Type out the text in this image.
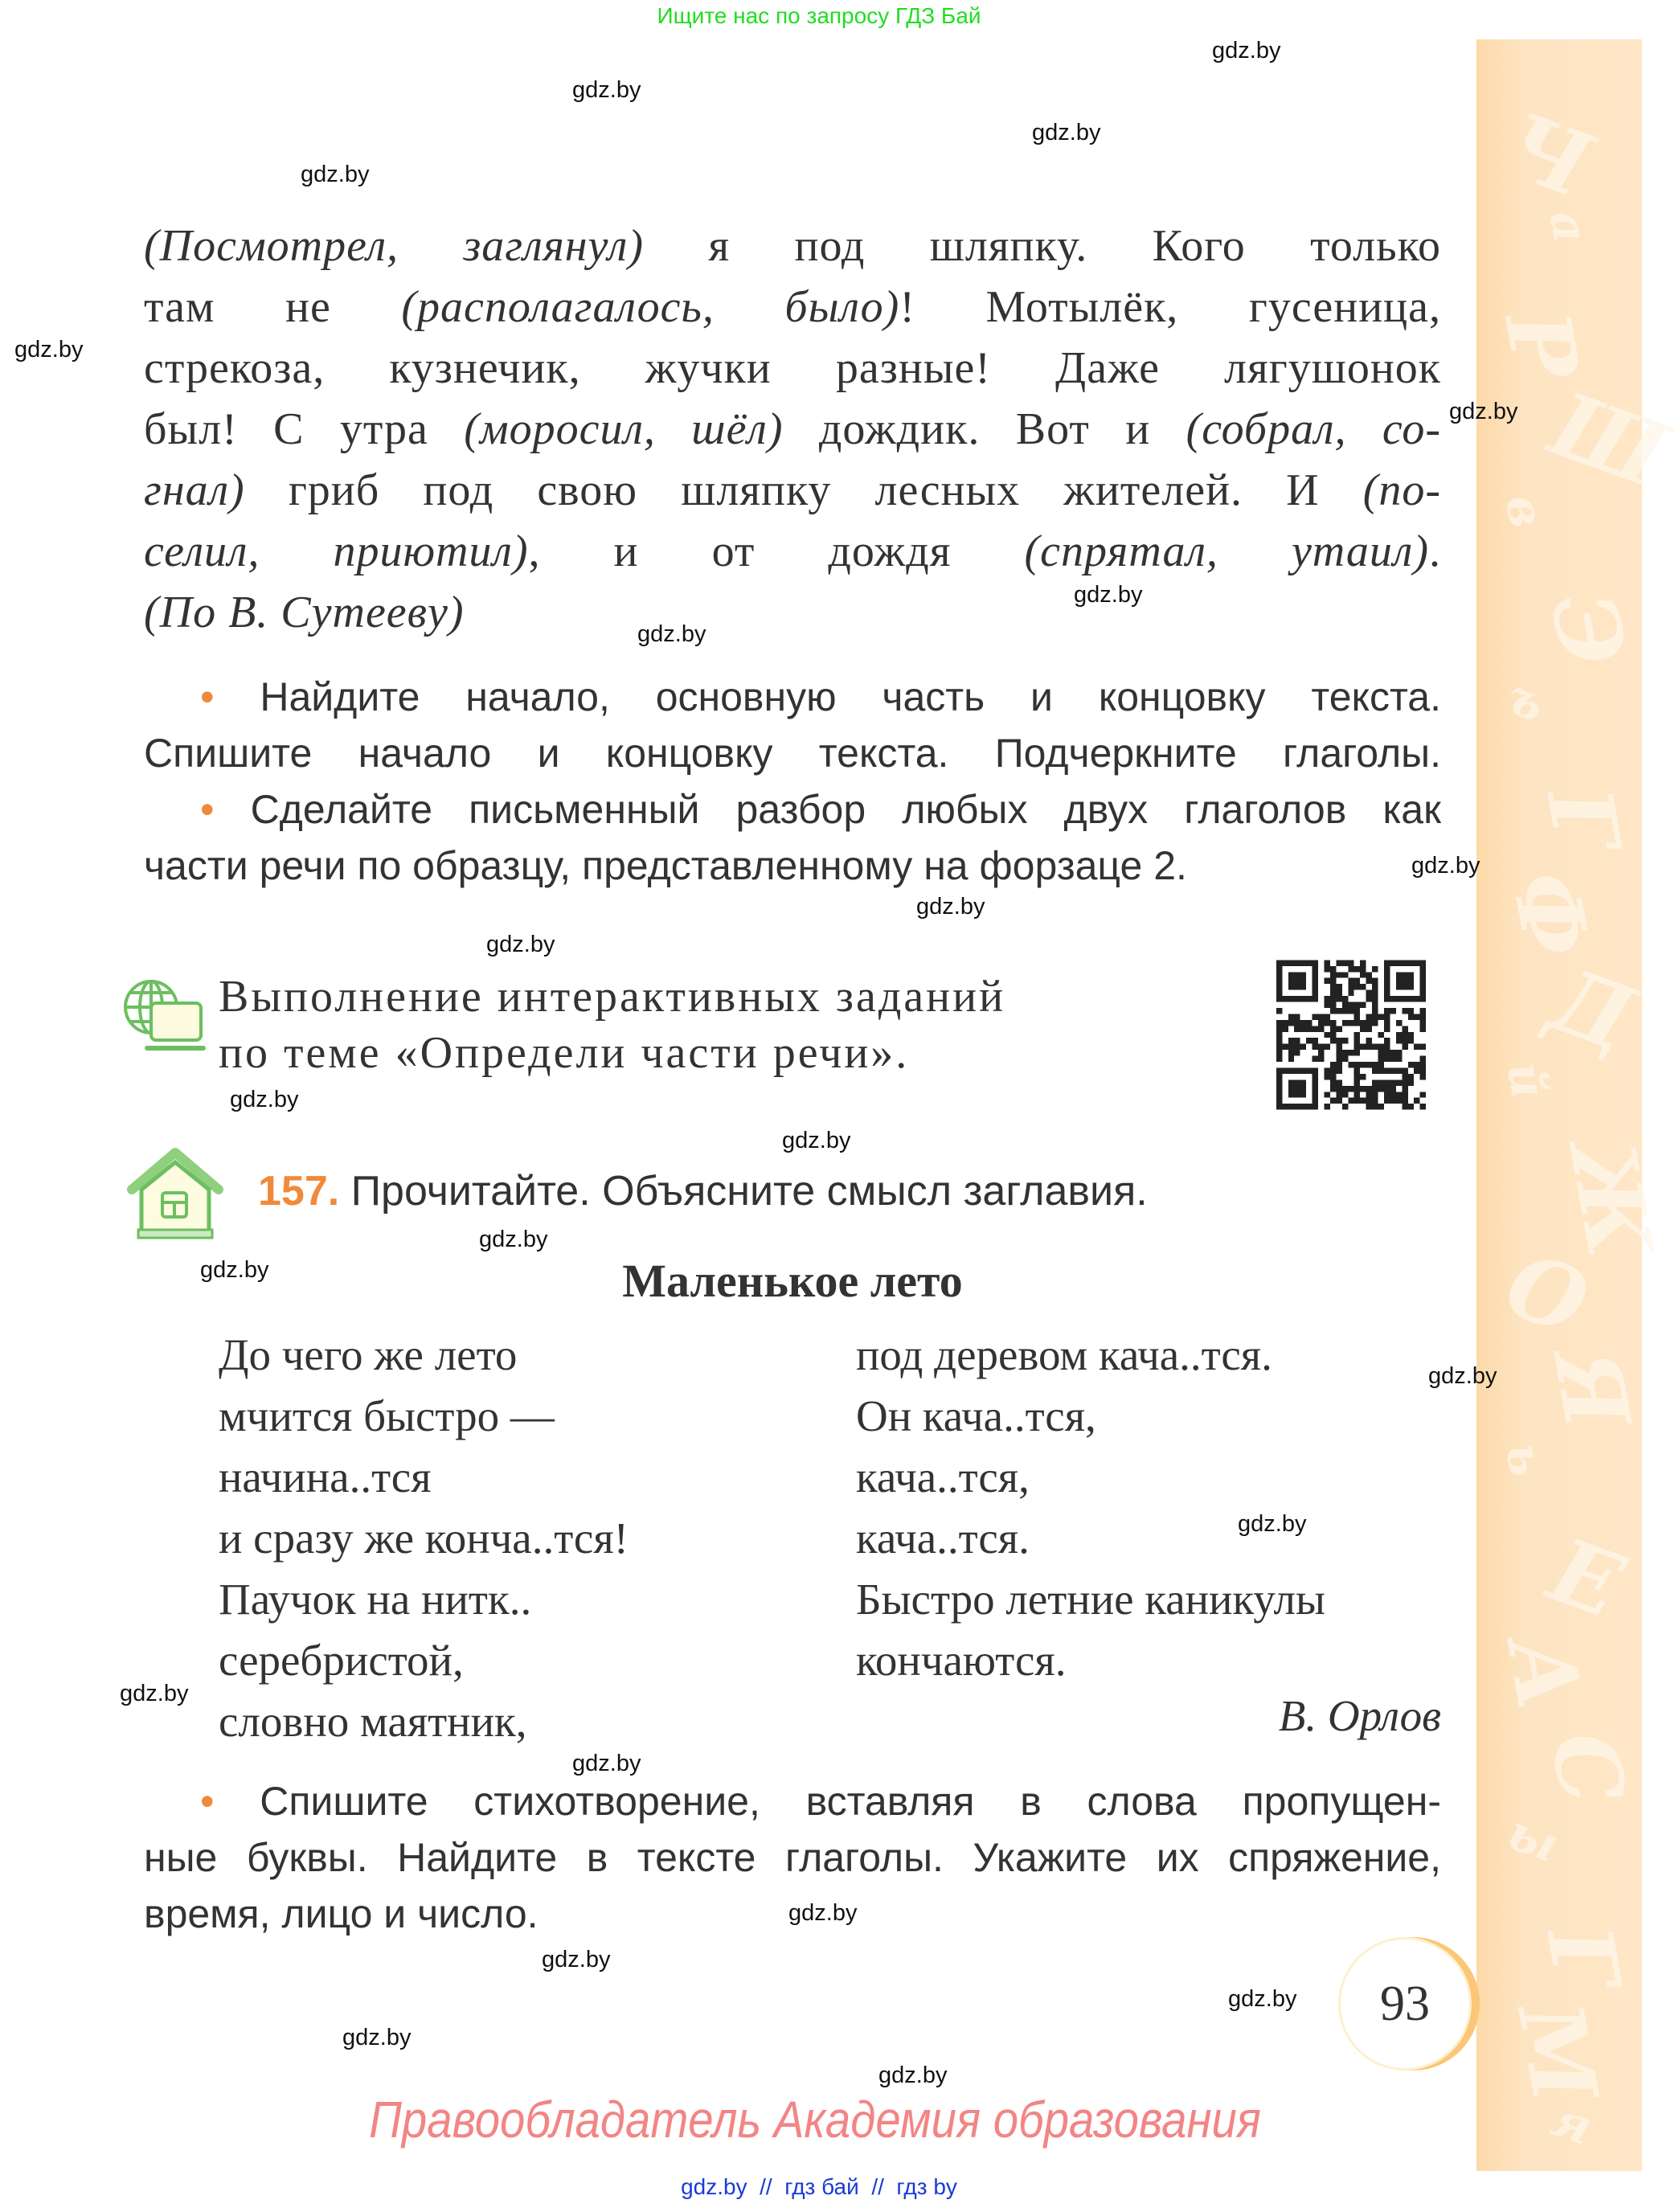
Ч
а
Р
Ш
в
Э
ъ
Г
Ф
Д
й
Ж
О
Я
ь
Е
А
С
ы
Г
М
я
Ищите нас по запросу ГДЗ Бай
gdz.by
gdz.by
gdz.by
gdz.by
gdz.by
gdz.by
gdz.by
gdz.by
gdz.by
gdz.by
gdz.by
gdz.by
gdz.by
gdz.by
gdz.by
gdz.by
gdz.by
gdz.by
gdz.by
gdz.by
gdz.by
gdz.by
gdz.by
gdz.by
(Посмотрел, заглянул) я под шляпку. Кого только
там не (располагалось, было)! Мотылёк, гусеница,
стрекоза, кузнечик, жучки разные! Даже лягушонок
был! С утра (моросил, шёл) дождик. Вот и (собрал, со-
гнал) гриб под свою шляпку лесных жителей. И (по-
селил, приютил), и от дождя (спрятал, утаил).
(По В. Сутееву)
• Найдите начало, основную часть и концовку текста.
Спишите начало и концовку текста. Подчеркните глаголы.
• Сделайте письменный разбор любых двух глаголов как
части речи по образцу, представленному на форзаце 2.
Выполнение интерактивных заданий
по теме «Определи части речи».
157. Прочитайте. Объясните смысл заглавия.
Маленькое лето
До чего же лето
мчится быстро —
начина..тся
и сразу же конча..тся!
Паучок на нитк..
серебристой,
словно маятник,
под деревом кача..тся.
Он кача..тся,
кача..тся,
кача..тся.
Быстро летние каникулы
кончаются.
В. Орлов
• Спишите стихотворение, вставляя в слова пропущен-
ные буквы. Найдите в тексте глаголы. Укажите их спряжение,
время, лицо и число.
93
Правообладатель Академия образования
gdz.by  //  гдз бай  //  гдз by
